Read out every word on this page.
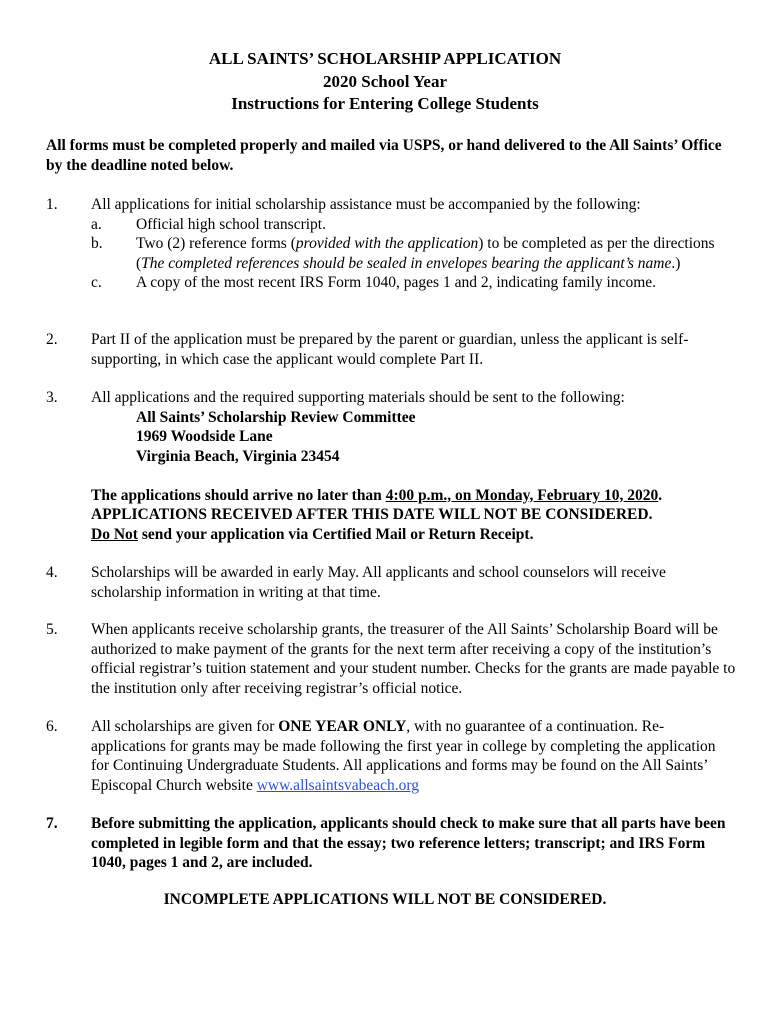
ALL SAINTS’ SCHOLARSHIP APPLICATION
2020 School Year
Instructions for Entering College Students
All forms must be completed properly and mailed via USPS, or hand delivered to the All Saints’ Office by the deadline noted below.
1.	All applications for initial scholarship assistance must be accompanied by the following:
a.	Official high school transcript.
b.	Two (2) reference forms (provided with the application) to be completed as per the directions (The completed references should be sealed in envelopes bearing the applicant’s name.)
c.	A copy of the most recent IRS Form 1040, pages 1 and 2, indicating family income.
2.	Part II of the application must be prepared by the parent or guardian, unless the applicant is self-supporting, in which case the applicant would complete Part II.
3.	All applications and the required supporting materials should be sent to the following:
All Saints’ Scholarship Review Committee
1969 Woodside Lane
Virginia Beach, Virginia 23454
The applications should arrive no later than 4:00 p.m., on Monday, February 10, 2020.
APPLICATIONS RECEIVED AFTER THIS DATE WILL NOT BE CONSIDERED.
Do Not send your application via Certified Mail or Return Receipt.
4.	Scholarships will be awarded in early May. All applicants and school counselors will receive scholarship information in writing at that time.
5.	When applicants receive scholarship grants, the treasurer of the All Saints’ Scholarship Board will be authorized to make payment of the grants for the next term after receiving a copy of the institution’s official registrar’s tuition statement and your student number. Checks for the grants are made payable to the institution only after receiving registrar’s official notice.
6.	All scholarships are given for ONE YEAR ONLY, with no guarantee of a continuation. Re-applications for grants may be made following the first year in college by completing the application for Continuing Undergraduate Students. All applications and forms may be found on the All Saints’ Episcopal Church website www.allsaintsvabeach.org
7.	Before submitting the application, applicants should check to make sure that all parts have been completed in legible form and that the essay; two reference letters; transcript; and IRS Form 1040, pages 1 and 2, are included.
INCOMPLETE APPLICATIONS WILL NOT BE CONSIDERED.
